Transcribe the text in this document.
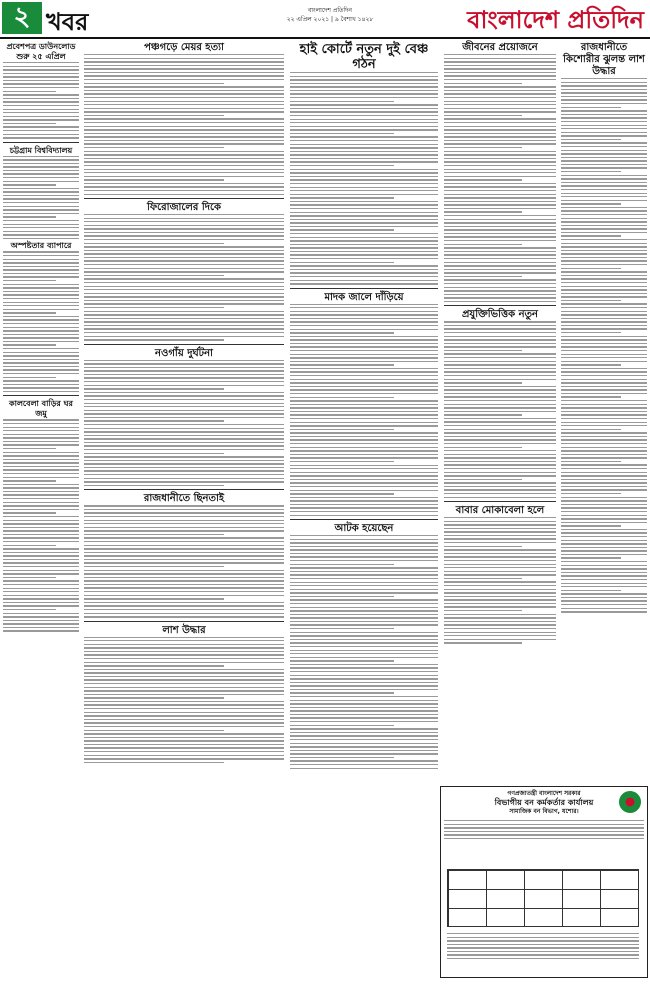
২ খবর	বাংলাদেশ প্রতিদিন
২২ এপ্রিল ২০২১ | ৯ বৈশাখ ১৪২৮	বাংলাদেশ প্রতিদিন
প্রবেশপত্র ডাউনলোড শুরু ২৫ এপ্রিল
চট্টগ্রাম বিশ্ববিদ্যালয়
অস্পষ্টতার ব্যাপারে
কালবেলা বাড়ির ঘর জমু
পঞ্চগড়ে মেয়র হত্যা
ফিরোজালের দিকে
নওগাঁয় দুর্ঘটনা
রাজধানীতে ছিনতাই
লাশ উদ্ধার
হাই কোর্টে নতুন দুই বেঞ্চ গঠন
মাদক জালে দাঁড়িয়ে
আটক হয়েছেন
জীবনের প্রয়োজনে
প্রযুক্তিভিত্তিক নতুন
বাবার মোকাবেলা হলে
রাজধানীতে কিশোরীর ঝুলন্ত লাশ উদ্ধার
গণপ্রজাতন্ত্রী বাংলাদেশ সরকার
বিভাগীয় বন কর্মকর্তার কার্যালয়
সামাজিক বন বিভাগ, যশোর।
